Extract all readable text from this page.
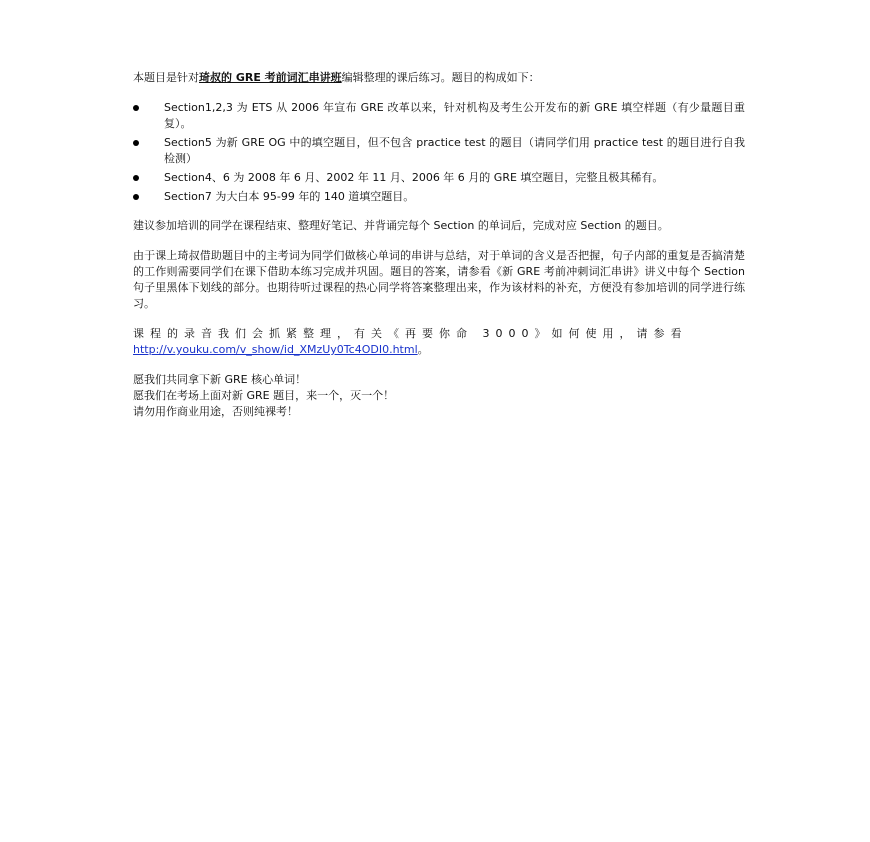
本题目是针对琦叔的 GRE 考前词汇串讲班编辑整理的课后练习。题目的构成如下：

Section1,2,3 为 ETS 从 2006 年宣布 GRE 改革以来，针对机构及考生公开发布的新 GRE 填空样题（有少量题目重复）。
Section5 为新 GRE OG 中的填空题目，但不包含 practice test 的题目（请同学们用 practice test 的题目进行自我检测）
Section4、6 为 2008 年 6 月、2002 年 11 月、2006 年 6 月的 GRE 填空题目，完整且极其稀有。
Section7 为大白本 95-99 年的 140 道填空题目。

建议参加培训的同学在课程结束、整理好笔记、并背诵完每个 Section 的单词后，完成对应 Section 的题目。

由于课上琦叔借助题目中的主考词为同学们做核心单词的串讲与总结，对于单词的含义是否把握，句子内部的重复是否搞清楚的工作则需要同学们在课下借助本练习完成并巩固。题目的答案，请参看《新 GRE 考前冲刺词汇串讲》讲义中每个 Section 句子里黑体下划线的部分。也期待听过课程的热心同学将答案整理出来，作为该材料的补充，方便没有参加培训的同学进行练习。

课程的录音我们会抓紧整理，有关《再要你命 3000》如何使用，请参看
http://v.youku.com/v_show/id_XMzUy0Tc4ODI0.html。

愿我们共同拿下新 GRE 核心单词！

愿我们在考场上面对新 GRE 题目，来一个，灭一个！

请勿用作商业用途，否则纯裸考！
